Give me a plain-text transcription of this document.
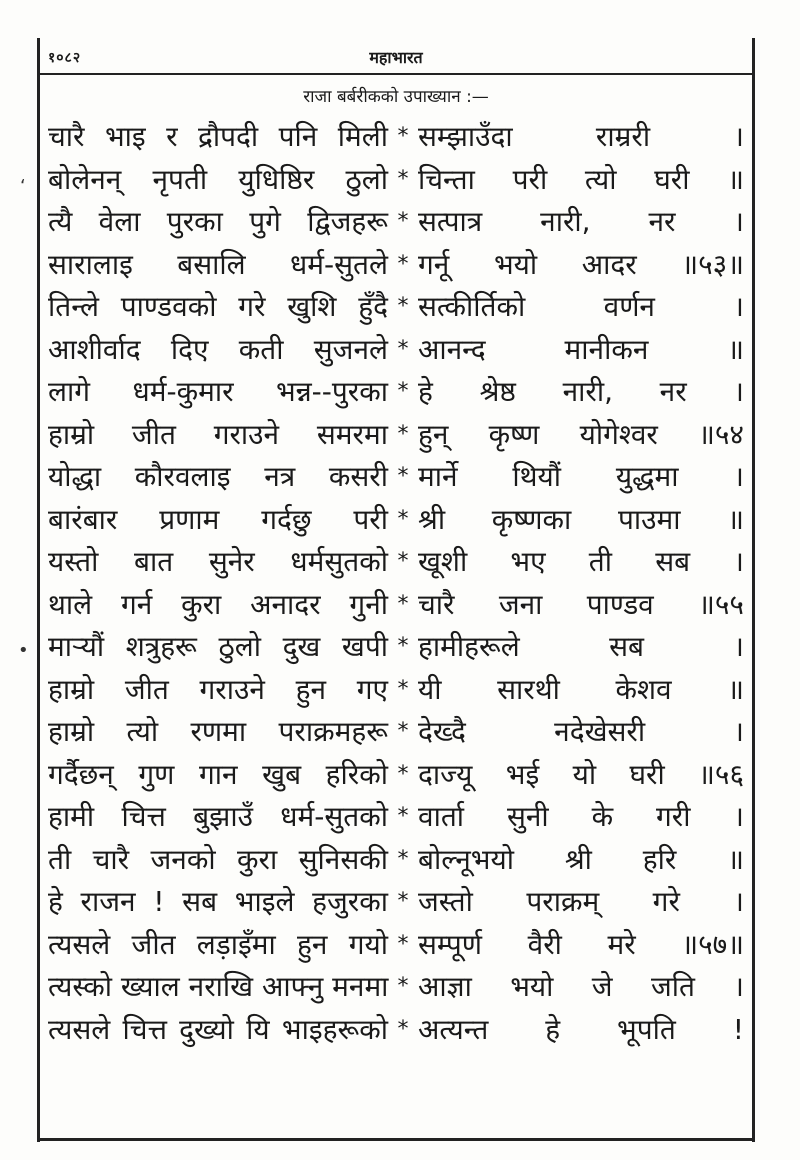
१०८२	महाभारत
राजा बर्बरीकको उपाख्यान :—
चारै भाइ र द्रौपदी पनि मिली * सम्झाउँदा राम्ररी ।
बोलेनन् नृपती युधिष्ठिर ठुलो * चिन्ता परी त्यो घरी ॥
त्यै वेला पुरका पुगे द्विजहरू * सत्पात्र नारी, नर ।
सारालाइ बसालि धर्म-सुतले * गर्नू भयो आदर ॥५३॥
तिन्ले पाण्डवको गरे खुशि हुँदै * सत्कीर्तिको वर्णन ।
आशीर्वाद दिए कती सुजनले * आनन्द मानीकन ॥
लागे धर्म-कुमार भन्न--पुरका * हे श्रेष्ठ नारी, नर ।
हाम्रो जीत गराउने समरमा * हुन् कृष्ण योगेश्वर ॥५४
योद्धा कौरवलाइ नत्र कसरी * मार्ने थियौं युद्धमा ।
बारंबार प्रणाम गर्दछु परी * श्री कृष्णका पाउमा ॥
यस्तो बात सुनेर धर्मसुतको * खूशी भए ती सब ।
थाले गर्न कुरा अनादर गुनी * चारै जना पाण्डव ॥५५
मार्‍यौं शत्रुहरू ठुलो दुख खपी * हामीहरूले सब ।
हाम्रो जीत गराउने हुन गए * यी सारथी केशव ॥
हाम्रो त्यो रणमा पराक्रमहरू * देख्दै नदेखेसरी ।
गर्दैछन् गुण गान खुब हरिको * दाज्यू भई यो घरी ॥५६
हामी चित्त बुझाउँ धर्म-सुतको * वार्ता सुनी के गरी ।
ती चारै जनको कुरा सुनिसकी * बोल्नूभयो श्री हरि ॥
हे राजन ! सब भाइले हजुरका * जस्तो पराक्रम् गरे ।
त्यसले जीत लड़ाइँमा हुन गयो * सम्पूर्ण वैरी मरे ॥५७॥
त्यस्को ख्याल नराखि आफ्नु मनमा * आज्ञा भयो जे जति ।
त्यसले चित्त दुख्यो यि भाइहरूको * अत्यन्त हे भूपति !
‘
•
